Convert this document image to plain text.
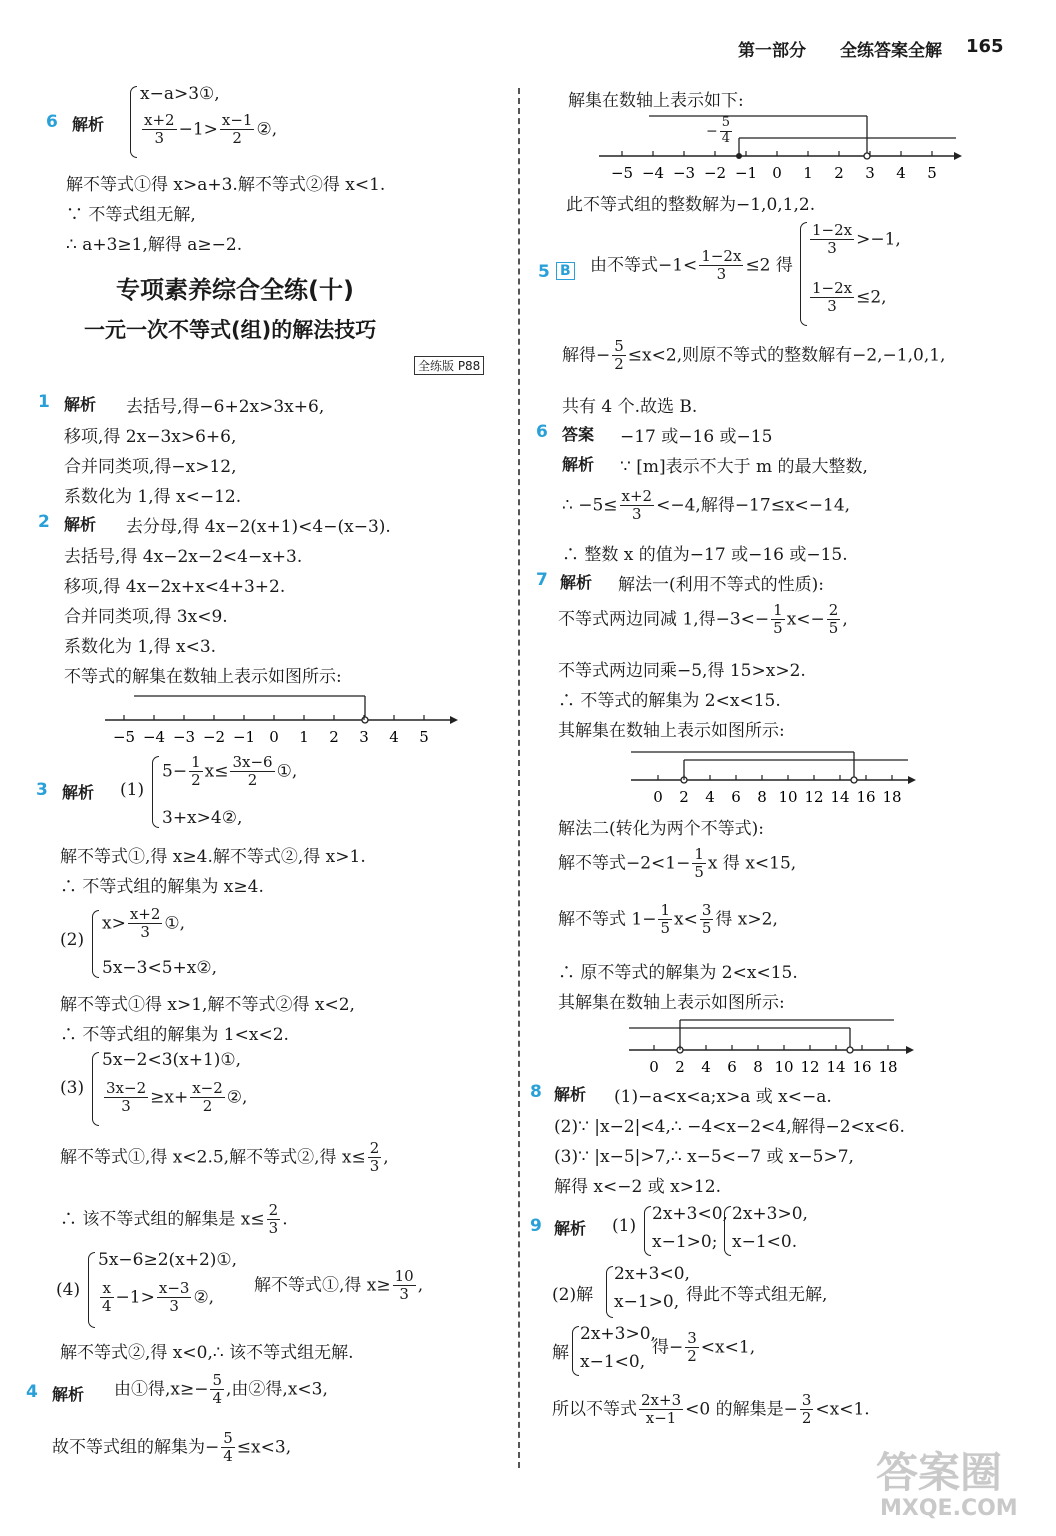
第一部分 全练答案全解 165
6 解析
x−a>3①,
$\frac{x+2}{3} -1> \frac{x-1}{2}$ ②,
解不等式①得 x>a+3.解不等式②得 x<1.
∵ 不等式组无解,
∴ a+3≥1,解得 a≥−2.
专项素养综合全练(十)
一元一次不等式(组)的解法技巧
全练版 P88
1 解析 去括号,得−6+2x>3x+6,
移项,得 2x−3x>6+6,
合并同类项,得−x>12,
系数化为 1,得 x<−12.
2 解析 去分母,得 4x−2(x+1)<4−(x−3).
去括号,得 4x−2x−2<4−x+3.
移项,得 4x−2x+x<4+3+2.
合并同类项,得 3x<9.
系数化为 1,得 x<3.
不等式的解集在数轴上表示如图所示:
−5 −4 −3 −2 −1 0 1 2 3 4 5
3 解析 (1)
$5- \frac{1}{2} x\le \frac{3x-6}{2}$ ①,
3+x>4②,
解不等式①,得 x≥4.解不等式②,得 x>1.
∴ 不等式组的解集为 x≥4.
(2)
$x> \frac{x+2}{3}$ ①,
5x−3<5+x②,
解不等式①得 x>1,解不等式②得 x<2,
∴ 不等式组的解集为 1<x<2.
(3)
5x−2<3(x+1)①,
$\frac{3x-2}{3} \ge x+ \frac{x-2}{2}$ ②,
解不等式①,得 x<2.5,解不等式②,得 $x\le \frac{2}{3}$ ,
∴ 该不等式组的解集是 $x\le \frac{2}{3}$ .
(4)
5x−6≥2(x+2)①,
$\frac{x}{4} -1> \frac{x-3}{3}$ ②,
解不等式①,得 $x\ge \frac{10}{3}$ ,
解不等式②,得 x<0,∴ 该不等式组无解.
4 解析 由①得$,x\ge- \frac{5}{4}$ ,由②得,x<3,
故不等式组的解集为− $\frac{5}{4} \le x<3$,
解集在数轴上表示如下:
−5 −4 −3 −2 −1 0 1 2 3 4 5
− $\frac{5}{4}$
此不等式组的整数解为−1,0,1,2.
5 B 由不等式$-1< \frac{1-2x}{3} \le 2$ 得
$\frac{1-2x}{3} >-1$,
$\frac{1-2x}{3} \le 2$,
解得− $\frac{5}{2} \le x<2$,则原不等式的整数解有−2,−1,0,1,
共有 4 个.故选 B.
6 答案 −17 或−16 或−15
解析 ∵ [m]表示不大于 m 的最大整数,
∴ $-5\le \frac{x+2}{3} <-4$,解得−17≤x<−14,
∴ 整数 x 的值为−17 或−16 或−15.
7 解析 解法一(利用不等式的性质):
不等式两边同减 1,得$-3<- \frac{1}{5} x<- \frac{2}{5}$ ,
不等式两边同乘−5,得 15>x>2.
∴ 不等式的解集为 2<x<15.
其解集在数轴上表示如图所示:
0 2 4 6 8 10 12 14 16 18
解法二(转化为两个不等式):
解不等式$-2<1- \frac{1}{5}$ x 得 x<15,
解不等式 $1- \frac{1}{5} x< \frac{3}{5}$ 得 x>2,
∴ 原不等式的解集为 2<x<15.
其解集在数轴上表示如图所示:
0 2 4 6 8 10 12 14 16 18
8 解析 (1)−a<x<a;x>a 或 x<−a.
(2)∵ |x−2|<4,∴ −4<x−2<4,解得−2<x<6.
(3)∵ |x−5|>7,∴ x−5<−7 或 x−5>7,
解得 x<−2 或 x>12.
9 解析 (1)
2x+3<0,
x−1>0;
2x+3>0,
x−1<0.
(2)解
2x+3<0,
x−1>0, 得此不等式组无解,
解
2x+3>0,
x−1<0,
得− $\frac{3}{2} <x<1$,
所以不等式 $\frac{2x+3}{x-1} <0$ 的解集是− $\frac{3}{2} <x<1$.
答案圈
MXQE.COM
